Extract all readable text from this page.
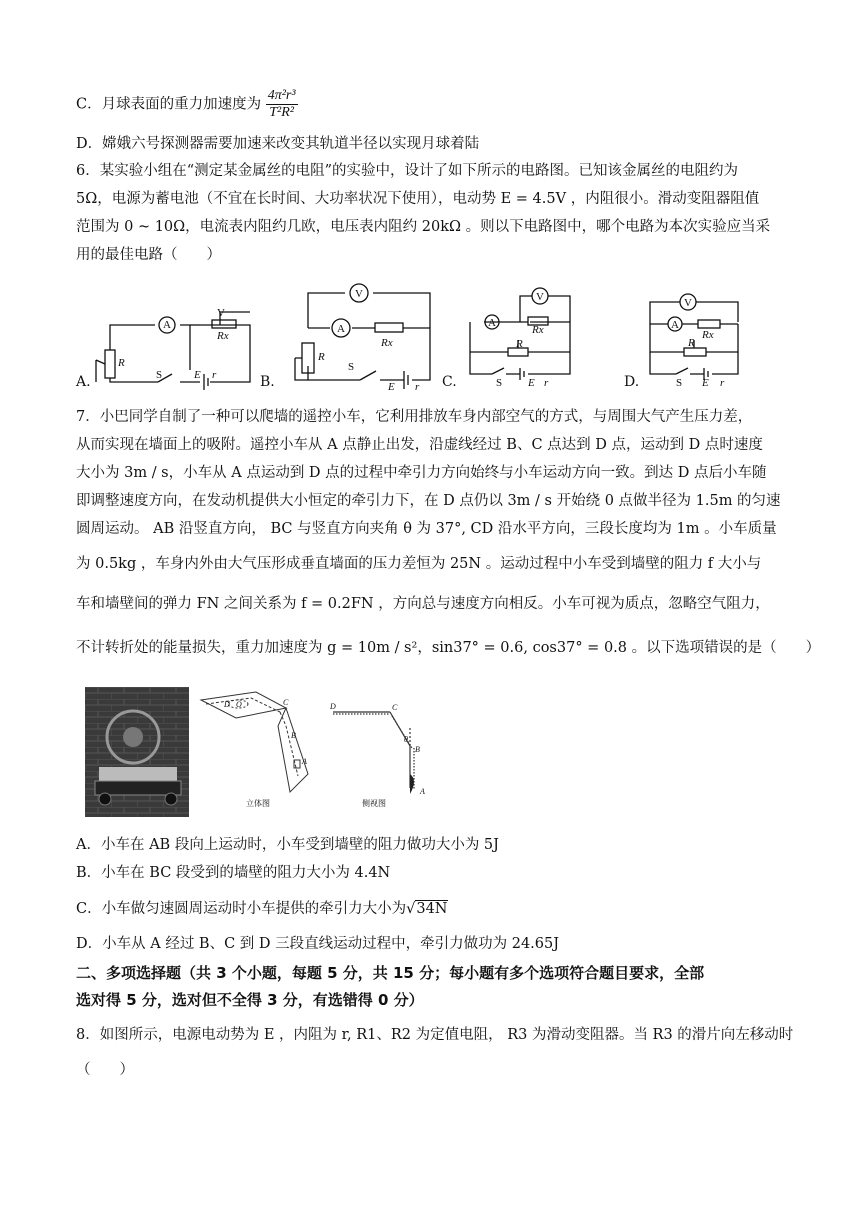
C．月球表面的重力加速度为 $\frac{\text{4π²r³}}{\text{T²R²}}$
D．嫦娥六号探测器需要加速来改变其轨道半径以实现月球着陆
6．某实验小组在“测定某金属丝的电阻”的实验中，设计了如下所示的电路图。已知该金属丝的电阻约为
5Ω，电源为蓄电池（不宜在长时间、大功率状况下使用），电动势 E = 4.5V ，内阻很小。滑动变阻器阻值
范围为 0 ~ 10Ω，电流表内阻约几欧，电压表内阻约 20kΩ 。则以下电路图中，哪个电路为本次实验应当采
用的最佳电路（　　）
A
V
Rx
R
S	E r
V
A
Rx
R
S
E r
V
A
Rx
R
S E r
V
A
Rx
R
S E r
A.	B.	C.	D.
7．小巴同学自制了一种可以爬墙的遥控小车，它利用排放车身内部空气的方式，与周围大气产生压力差，
从而实现在墙面上的吸附。遥控小车从 A 点静止出发，沿虚线经过 B、C 点达到 D 点，运动到 D 点时速度
大小为 3m / s，小车从 A 点运动到 D 点的过程中牵引力方向始终与小车运动方向一致。到达 D 点后小车随
即调整速度方向，在发动机提供大小恒定的牵引力下，在 D 点仍以 3m / s 开始绕 0 点做半径为 1.5m 的匀速
圆周运动。 AB 沿竖直方向， BC 与竖直方向夹角 θ 为 37°, CD 沿水平方向，三段长度均为 1m 。小车质量
为 0.5kg ，车身内外由大气压形成垂直墙面的压力差恒为 25N 。运动过程中小车受到墙壁的阻力 f 大小与
车和墙壁间的弹力 FN 之间关系为 f = 0.2FN ，方向总与速度方向相反。小车可视为质点，忽略空气阻力，
不计转折处的能量损失，重力加速度为 g = 10m / s²，sin37° = 0.6, cos37° = 0.8 。以下选项错误的是（　　）
C
D O
B
A
立体图
D	C
B
A
θ
侧视图
A．小车在 AB 段向上运动时，小车受到墙壁的阻力做功大小为 5J
B．小车在 BC 段受到的墙壁的阻力大小为 4.4N
C．小车做匀速圆周运动时小车提供的牵引力大小为√34N
D．小车从 A 经过 B、C 到 D 三段直线运动过程中，牵引力做功为 24.65J
二、多项选择题（共 3 个小题，每题 5 分，共 15 分；每小题有多个选项符合题目要求，全部
选对得 5 分，选对但不全得 3 分，有选错得 0 分）
8．如图所示，电源电动势为 E ，内阻为 r, R1、R2 为定值电阻， R3 为滑动变阻器。当 R3 的滑片向左移动时
（　　）
